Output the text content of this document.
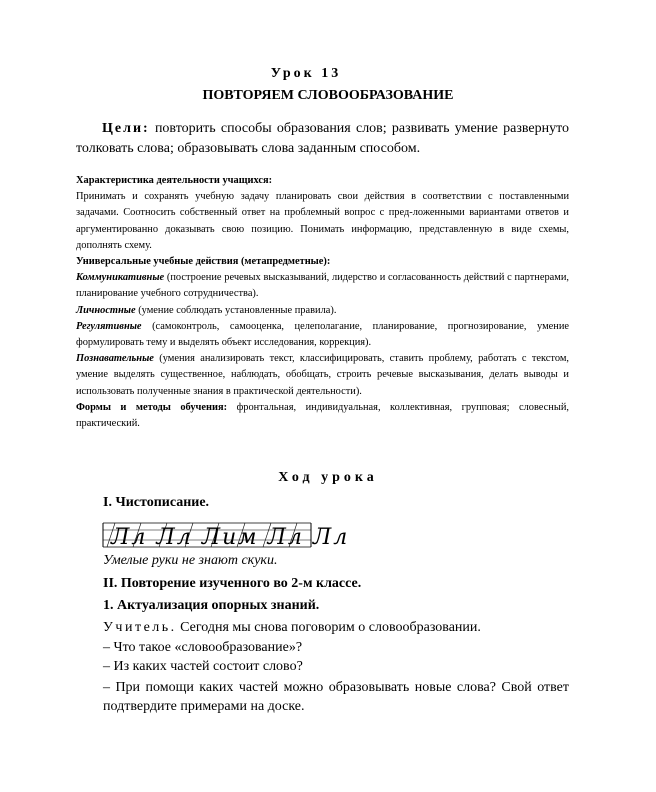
Урок 13
ПОВТОРЯЕМ СЛОВООБРАЗОВАНИЕ
Цели: повторить способы образования слов; развивать умение развернуто толковать слова; образовывать слова заданным способом.

Характеристика деятельности учащихся:

Принимать и сохранять учебную задачу планировать свои действия в соответствии с поставленными задачами. Соотносить собственный ответ на проблемный вопрос с пред-ложенными вариантами ответов и аргументированно доказывать свою позицию. Понимать информацию, представленную в виде схемы, дополнять схему.

Универсальные учебные действия (метапредметные):

Коммуникативные (построение речевых высказываний, лидерство и согласованность действий с партнерами, планирование учебного сотрудничества).

Личностные (умение соблюдать установленные правила).

Регулятивные (самоконтроль, самооценка, целеполагание, планирование, прогнозирование, умение формулировать тему и выделять объект исследования, коррекция).

Познавательные (умения анализировать текст, классифицировать, ставить проблему, работать с текстом, умение выделять существенное, наблюдать, обобщать, строить речевые высказывания, делать выводы и использовать полученные знания в практической деятельности).

Формы и методы обучения: фронтальная, индивидуальная, коллективная, групповая; словесный, практический.

Ход урока
I. Чистописание.
Лл Лл Лим Лл Лл
Умелые руки не знают скуки.
II. Повторение изученного во 2-м классе.
1. Актуализация опорных знаний.
Учитель. Сегодня мы снова поговорим о словообразовании.
– Что такое «словообразование»?
– Из каких частей состоит слово?
– При помощи каких частей можно образовывать новые слова? Свой ответ подтвердите примерами на доске.
